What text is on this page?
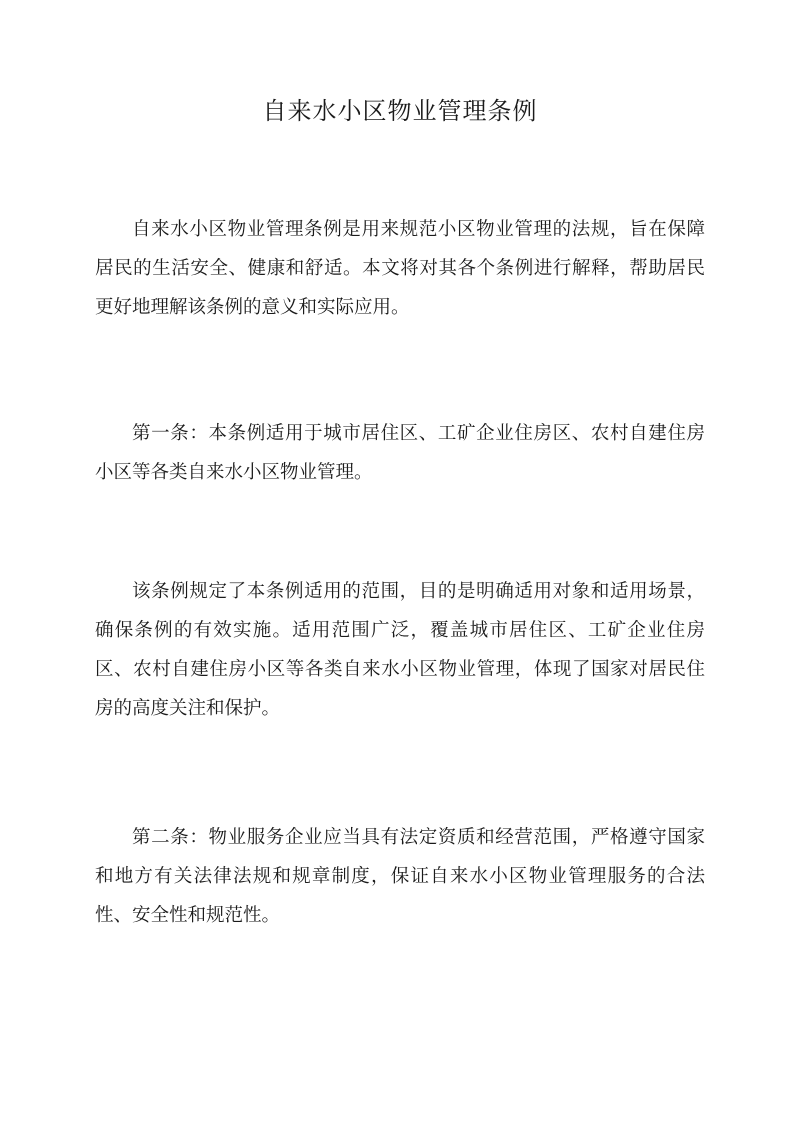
自来水小区物业管理条例

自来水小区物业管理条例是用来规范小区物业管理的法规，旨在保障居民的生活安全、健康和舒适。本文将对其各个条例进行解释，帮助居民更好地理解该条例的意义和实际应用。

第一条：本条例适用于城市居住区、工矿企业住房区、农村自建住房小区等各类自来水小区物业管理。

该条例规定了本条例适用的范围，目的是明确适用对象和适用场景，确保条例的有效实施。适用范围广泛，覆盖城市居住区、工矿企业住房区、农村自建住房小区等各类自来水小区物业管理，体现了国家对居民住房的高度关注和保护。

第二条：物业服务企业应当具有法定资质和经营范围，严格遵守国家和地方有关法律法规和规章制度，保证自来水小区物业管理服务的合法性、安全性和规范性。
